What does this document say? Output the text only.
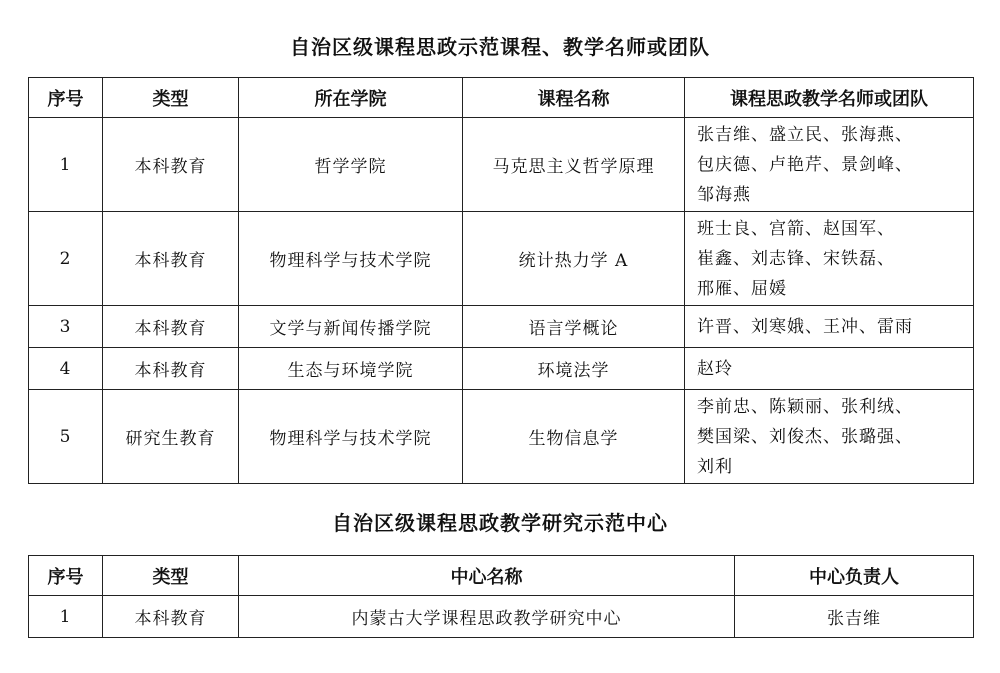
自治区级课程思政示范课程、教学名师或团队
序号	类型	所在学院	课程名称	课程思政教学名师或团队
1	本科教育	哲学学院	马克思主义哲学原理	张吉维、盛立民、张海燕、
包庆德、卢艳芹、景剑峰、
邹海燕

2	本科教育	物理科学与技术学院	统计热力学 A	班士良、宫箭、赵国军、
崔鑫、刘志锋、宋铁磊、
邢雁、屈媛

3	本科教育	文学与新闻传播学院	语言学概论	许晋、刘寒娥、王冲、雷雨

4	本科教育	生态与环境学院	环境法学	赵玲

5	研究生教育	物理科学与技术学院	生物信息学	李前忠、陈颖丽、张利绒、
樊国梁、刘俊杰、张璐强、
刘利
自治区级课程思政教学研究示范中心
序号	类型	中心名称	中心负责人
1	本科教育	内蒙古大学课程思政教学研究中心	张吉维
